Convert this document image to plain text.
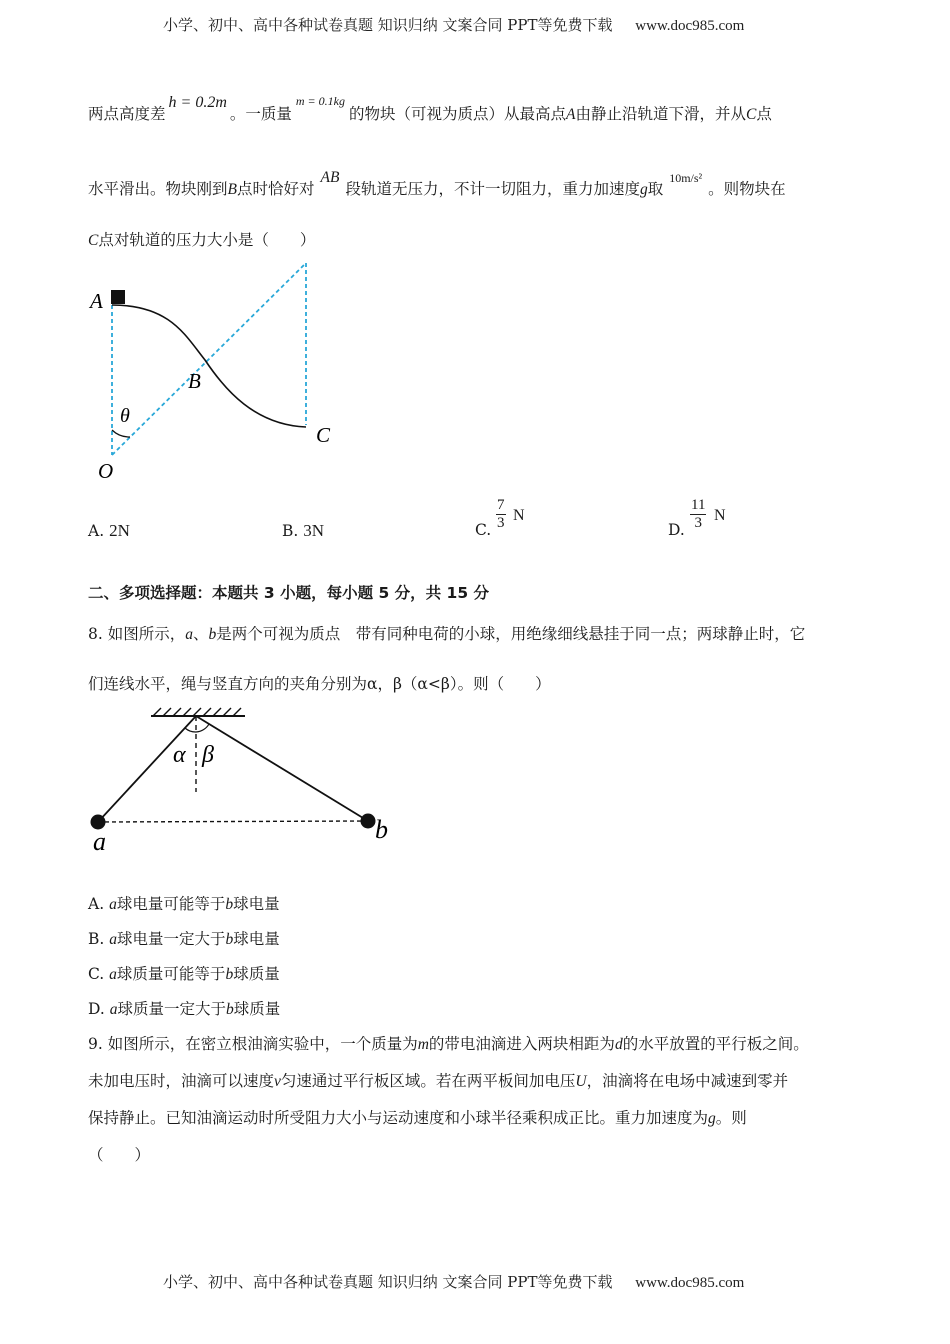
小学、初中、高中各种试卷真题 知识归纳 文案合同 PPT等免费下载 www.doc985.com
两点高度差h = 0.2m。一质量$^{m = 0.1kg}$的物块（可视为质点）从最高点A由静止沿轨道下滑，并从C点
水平滑出。物块刚到B点时恰好对AB段轨道无压力，不计一切阻力，重力加速度g取$^{10m/s^2}$。则物块在
C点对轨道的压力大小是（　　）
A
B
C
O
θ
A. 2N	B. 3N	C. $\frac{7}{3}$ N
D. $\frac{11}{3}$ N
二、多项选择题：本题共 3 小题，每小题 5 分，共 15 分
8. 如图所示，a、b是两个可视为质点　带有同种电荷的小球，用绝缘细线悬挂于同一点；两球静止时，它
们连线水平，绳与竖直方向的夹角分别为α，β（α<β）。则（　　）
α β
a	b
A. a球电量可能等于b球电量
B. a球电量一定大于b球电量
C. a球质量可能等于b球质量
D. a球质量一定大于b球质量
9. 如图所示，在密立根油滴实验中，一个质量为m的带电油滴进入两块相距为d的水平放置的平行板之间。
未加电压时，油滴可以速度v匀速通过平行板区域。若在两平板间加电压U，油滴将在电场中减速到零并
保持静止。已知油滴运动时所受阻力大小与运动速度和小球半径乘积成正比。重力加速度为g。则
（　　）
小学、初中、高中各种试卷真题 知识归纳 文案合同 PPT等免费下载 www.doc985.com
